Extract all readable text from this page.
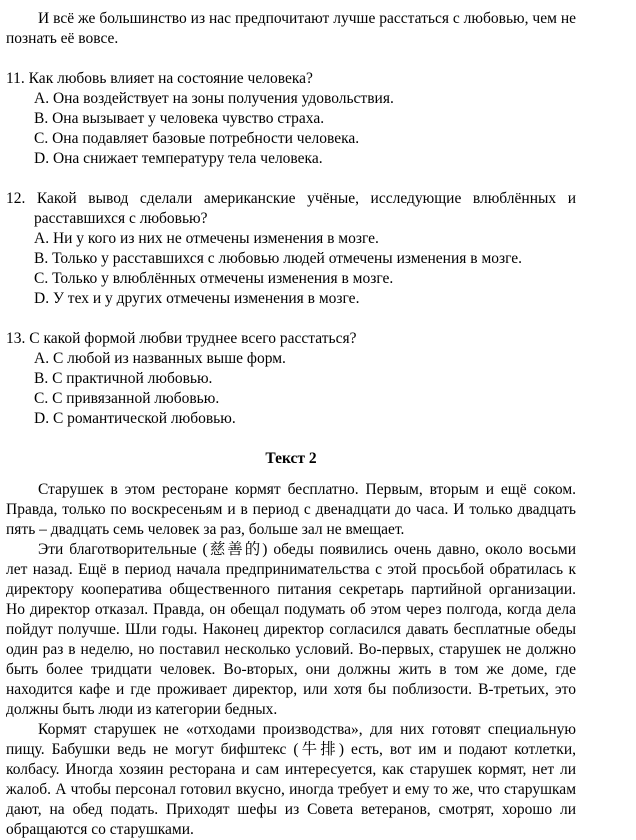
И всё же большинство из нас предпочитают лучше расстаться с любовью, чем не познать её вовсе.

11. Как любовь влияет на состояние человека?
A. Она воздействует на зоны получения удовольствия.
B. Она вызывает у человека чувство страха.
C. Она подавляет базовые потребности человека.
D. Она снижает температуру тела человека.
12. Какой вывод сделали американские учёные, исследующие влюблённых и расставшихся с любовью?
A. Ни у кого из них не отмечены изменения в мозге.
B. Только у расставшихся с любовью людей отмечены изменения в мозге.
C. Только у влюблённых отмечены изменения в мозге.
D. У тех и у других отмечены изменения в мозге.
13. С какой формой любви труднее всего расстаться?
A. С любой из названных выше форм.
B. С практичной любовью.
C. С привязанной любовью.
D. С романтической любовью.
Текст 2

Старушек в этом ресторане кормят бесплатно. Первым, вторым и ещё соком. Правда, только по воскресеньям и в период с двенадцати до часа. И только двадцать пять – двадцать семь человек за раз, больше зал не вмещает.

Эти благотворительные (慈善的) обеды появились очень давно, около восьми лет назад. Ещё в период начала предпринимательства с этой просьбой обратилась к директору кооператива общественного питания секретарь партийной организации. Но директор отказал. Правда, он обещал подумать об этом через полгода, когда дела пойдут получше. Шли годы. Наконец директор согласился давать бесплатные обеды один раз в неделю, но поставил несколько условий. Во-первых, старушек не должно быть более тридцати человек. Во-вторых, они должны жить в том же доме, где находится кафе и где проживает директор, или хотя бы поблизости. В-третьих, это должны быть люди из категории бедных.

Кормят старушек не «отходами производства», для них готовят специальную пищу. Бабушки ведь не могут бифштекс (牛排) есть, вот им и подают котлетки, колбасу. Иногда хозяин ресторана и сам интересуется, как старушек кормят, нет ли жалоб. А чтобы персонал готовил вкусно, иногда требует и ему то же, что старушкам дают, на обед подать. Приходят шефы из Совета ветеранов, смотрят, хорошо ли обращаются со старушками.
